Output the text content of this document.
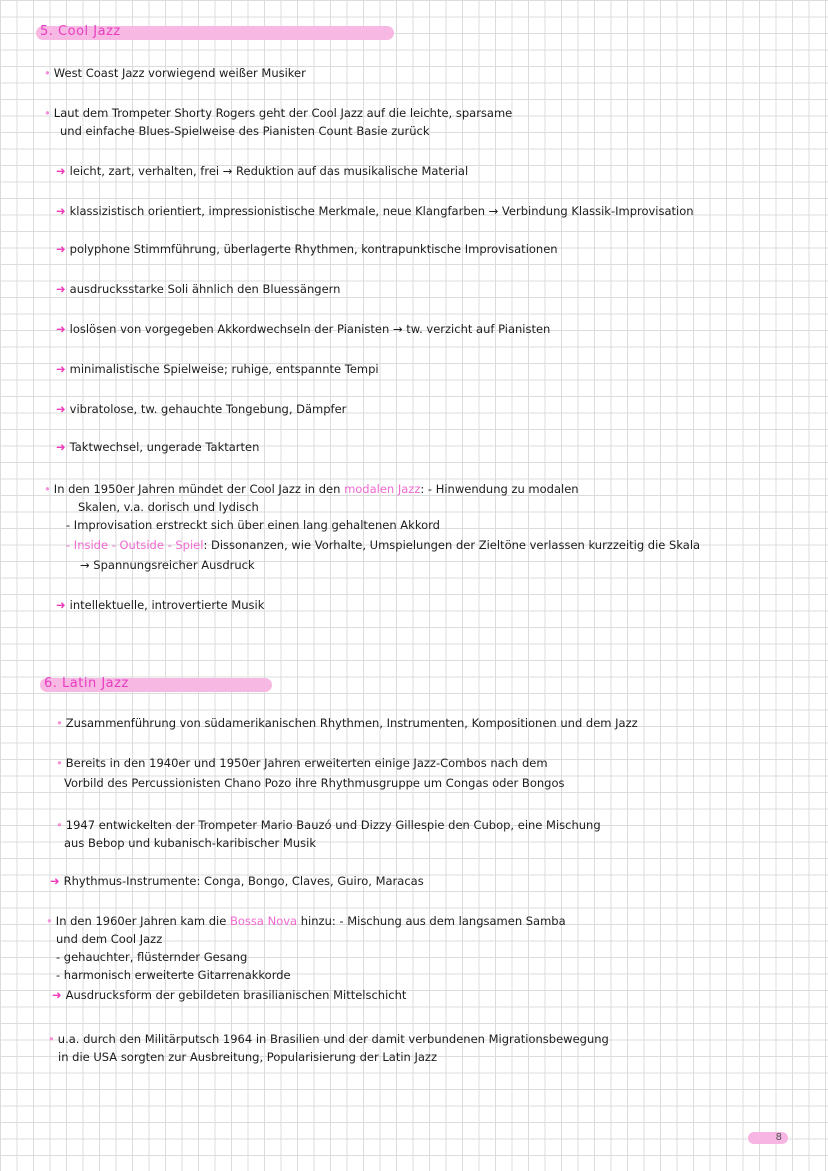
5. Cool Jazz
• West Coast Jazz vorwiegend weißer Musiker
• Laut dem Trompeter Shorty Rogers geht der Cool Jazz auf die leichte, sparsame
und einfache Blues-Spielweise des Pianisten Count Basie zurück
➜ leicht, zart, verhalten, frei → Reduktion auf das musikalische Material
➜ klassizistisch orientiert, impressionistische Merkmale, neue Klangfarben → Verbindung Klassik-Improvisation
➜ polyphone Stimmführung, überlagerte Rhythmen, kontrapunktische Improvisationen
➜ ausdrucksstarke Soli ähnlich den Bluessängern
➜ loslösen von vorgegeben Akkordwechseln der Pianisten → tw. verzicht auf Pianisten
➜ minimalistische Spielweise; ruhige, entspannte Tempi
➜ vibratolose, tw. gehauchte Tongebung, Dämpfer
➜ Taktwechsel, ungerade Taktarten
• In den 1950er Jahren mündet der Cool Jazz in den modalen Jazz: - Hinwendung zu modalen
Skalen, v.a. dorisch und lydisch
- Improvisation erstreckt sich über einen lang gehaltenen Akkord
- Inside - Outside - Spiel: Dissonanzen, wie Vorhalte, Umspielungen der Zieltöne verlassen kurzzeitig die Skala
→ Spannungsreicher Ausdruck
➜ intellektuelle, introvertierte Musik
6. Latin Jazz
• Zusammenführung von südamerikanischen Rhythmen, Instrumenten, Kompositionen und dem Jazz
• Bereits in den 1940er und 1950er Jahren erweiterten einige Jazz-Combos nach dem
Vorbild des Percussionisten Chano Pozo ihre Rhythmusgruppe um Congas oder Bongos
• 1947 entwickelten der Trompeter Mario Bauzó und Dizzy Gillespie den Cubop, eine Mischung
aus Bebop und kubanisch-karibischer Musik
➜ Rhythmus-Instrumente: Conga, Bongo, Claves, Guiro, Maracas
• In den 1960er Jahren kam die Bossa Nova hinzu: - Mischung aus dem langsamen Samba
und dem Cool Jazz
- gehauchter, flüsternder Gesang
- harmonisch erweiterte Gitarrenakkorde
➜ Ausdrucksform der gebildeten brasilianischen Mittelschicht
• u.a. durch den Militärputsch 1964 in Brasilien und der damit verbundenen Migrationsbewegung
in die USA sorgten zur Ausbreitung, Popularisierung der Latin Jazz
8
